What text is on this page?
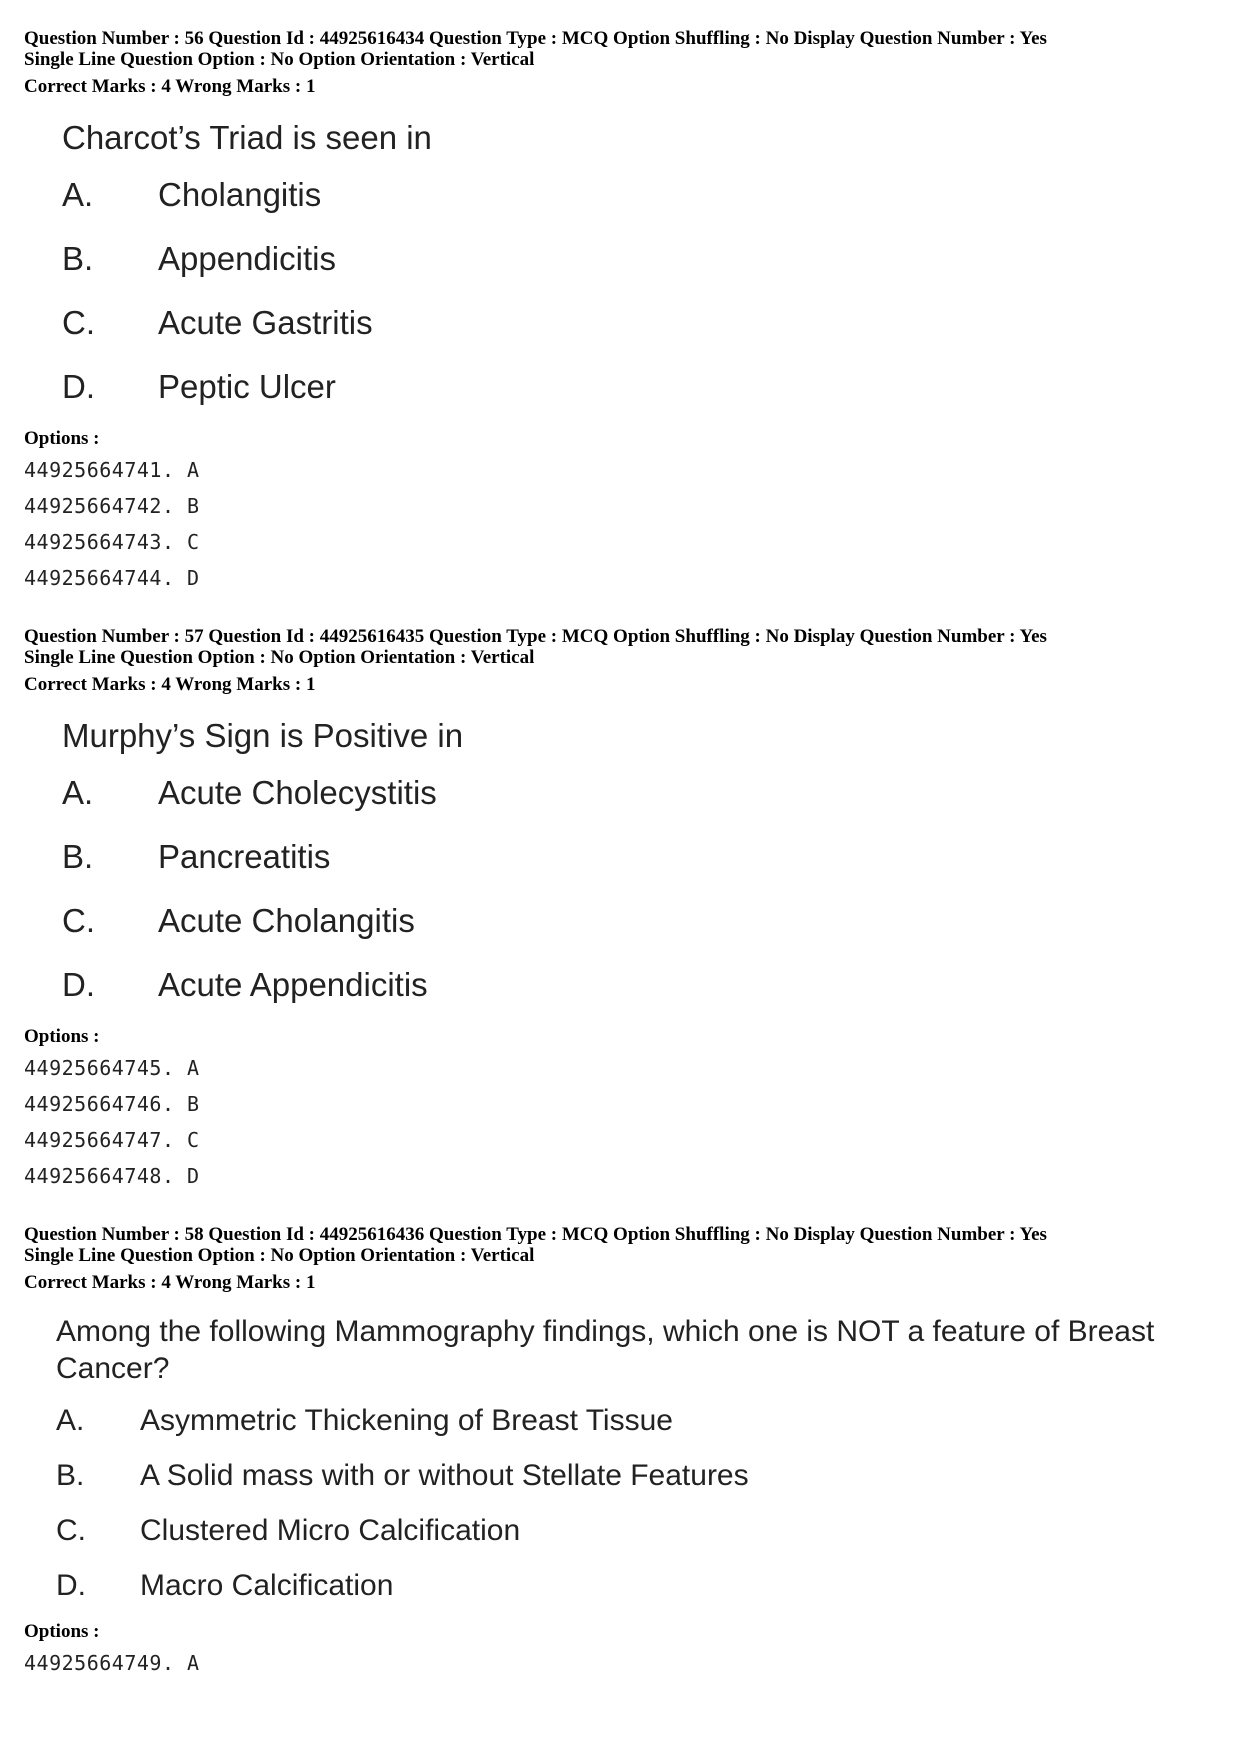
Question Number : 56 Question Id : 44925616434 Question Type : MCQ Option Shuffling : No Display Question Number : Yes
Single Line Question Option : No Option Orientation : Vertical
Correct Marks : 4 Wrong Marks : 1
Charcot’s Triad is seen in
A.	Cholangitis
B.	Appendicitis
C.	Acute Gastritis
D.	Peptic Ulcer
Options :
44925664741. A
44925664742. B
44925664743. C
44925664744. D
Question Number : 57 Question Id : 44925616435 Question Type : MCQ Option Shuffling : No Display Question Number : Yes
Single Line Question Option : No Option Orientation : Vertical
Correct Marks : 4 Wrong Marks : 1
Murphy’s Sign is Positive in
A.	Acute Cholecystitis
B.	Pancreatitis
C.	Acute Cholangitis
D.	Acute Appendicitis
Options :
44925664745. A
44925664746. B
44925664747. C
44925664748. D
Question Number : 58 Question Id : 44925616436 Question Type : MCQ Option Shuffling : No Display Question Number : Yes
Single Line Question Option : No Option Orientation : Vertical
Correct Marks : 4 Wrong Marks : 1
Among the following Mammography findings, which one is NOT a feature of Breast Cancer?
A.	Asymmetric Thickening of Breast Tissue
B.	A Solid mass with or without Stellate Features
C.	Clustered Micro Calcification
D.	Macro Calcification
Options :
44925664749. A
